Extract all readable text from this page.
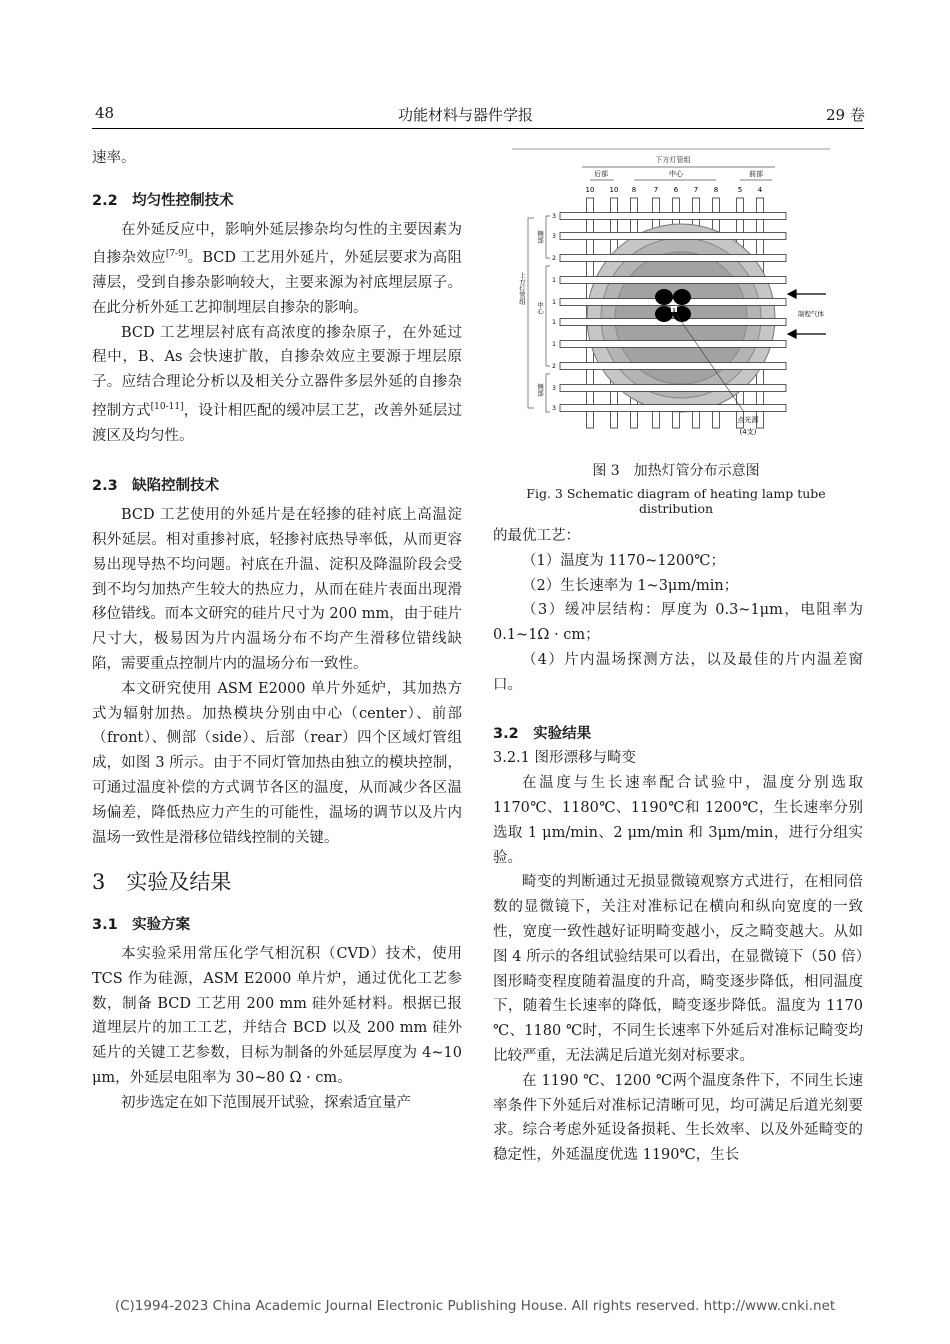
48	功能材料与器件学报	29 卷

速率。

2.2　均匀性控制技术

在外延反应中，影响外延层掺杂均匀性的主要因素为自掺杂效应[7-9]。BCD 工艺用外延片，外延层要求为高阻薄层，受到自掺杂影响较大，主要来源为衬底埋层原子。在此分析外延工艺抑制埋层自掺杂的影响。

BCD 工艺埋层衬底有高浓度的掺杂原子，在外延过程中，B、As 会快速扩散，自掺杂效应主要源于埋层原子。应结合理论分析以及相关分立器件多层外延的自掺杂控制方式[10-11]，设计相匹配的缓冲层工艺，改善外延层过渡区及均匀性。

2.3　缺陷控制技术

BCD 工艺使用的外延片是在轻掺的硅衬底上高温淀积外延层。相对重掺衬底，轻掺衬底热导率低，从而更容易出现导热不均问题。衬底在升温、淀积及降温阶段会受到不均匀加热产生较大的热应力，从而在硅片表面出现滑移位错线。而本文研究的硅片尺寸为 200 mm，由于硅片尺寸大，极易因为片内温场分布不均产生滑移位错线缺陷，需要重点控制片内的温场分布一致性。

本文研究使用 ASM E2000 单片外延炉，其加热方式为辐射加热。加热模块分别由中心（center）、前部（front）、侧部（side）、后部（rear）四个区域灯管组成，如图 3 所示。由于不同灯管加热由独立的模块控制，可通过温度补偿的方式调节各区的温度，从而减少各区温场偏差，降低热应力产生的可能性，温场的调节以及片内温场一致性是滑移位错线控制的关键。

3　实验及结果

3.1　实验方案

本实验采用常压化学气相沉积（CVD）技术，使用 TCS 作为硅源，ASM E2000 单片炉，通过优化工艺参数，制备 BCD 工艺用 200 mm 硅外延材料。根据已报道埋层片的加工工艺，并结合 BCD 以及 200 mm 硅外延片的关键工艺参数，目标为制备的外延层厚度为 4~10 μm，外延层电阻率为 30~80 Ω · cm。

初步选定在如下范围展开试验，探索适宜量产

下方灯管组
后部	中心	前部
10 10 8	7 6 7 8	5 4
9
点光源
(4支)
3
3
2
1
1
1
1
2
3
3
侧部
中心
侧部
上方灯管组
制程气体
图 3　加热灯管分布示意图
Fig. 3 Schematic diagram of heating lamp tube distribution

的最优工艺：

（1）温度为 1170~1200℃；

（2）生长速率为 1~3μm/min；

（3）缓冲层结构：厚度为 0.3~1μm，电阻率为 0.1~1Ω · cm；

（4）片内温场探测方法，以及最佳的片内温差窗口。

3.2　实验结果

3.2.1 图形漂移与畸变

在温度与生长速率配合试验中，温度分别选取 1170℃、1180℃、1190℃和 1200℃，生长速率分别选取 1 μm/min、2 μm/min 和 3μm/min，进行分组实验。

畸变的判断通过无损显微镜观察方式进行，在相同倍数的显微镜下，关注对准标记在横向和纵向宽度的一致性，宽度一致性越好证明畸变越小，反之畸变越大。从如图 4 所示的各组试验结果可以看出，在显微镜下（50 倍）图形畸变程度随着温度的升高，畸变逐步降低，相同温度下，随着生长速率的降低，畸变逐步降低。温度为 1170 ℃、1180 ℃时，不同生长速率下外延后对准标记畸变均比较严重，无法满足后道光刻对标要求。

在 1190 ℃、1200 ℃两个温度条件下，不同生长速率条件下外延后对准标记清晰可见，均可满足后道光刻要求。综合考虑外延设备损耗、生长效率、以及外延畸变的稳定性，外延温度优选 1190℃，生长

(C)1994-2023 China Academic Journal Electronic Publishing House. All rights reserved. http://www.cnki.net
